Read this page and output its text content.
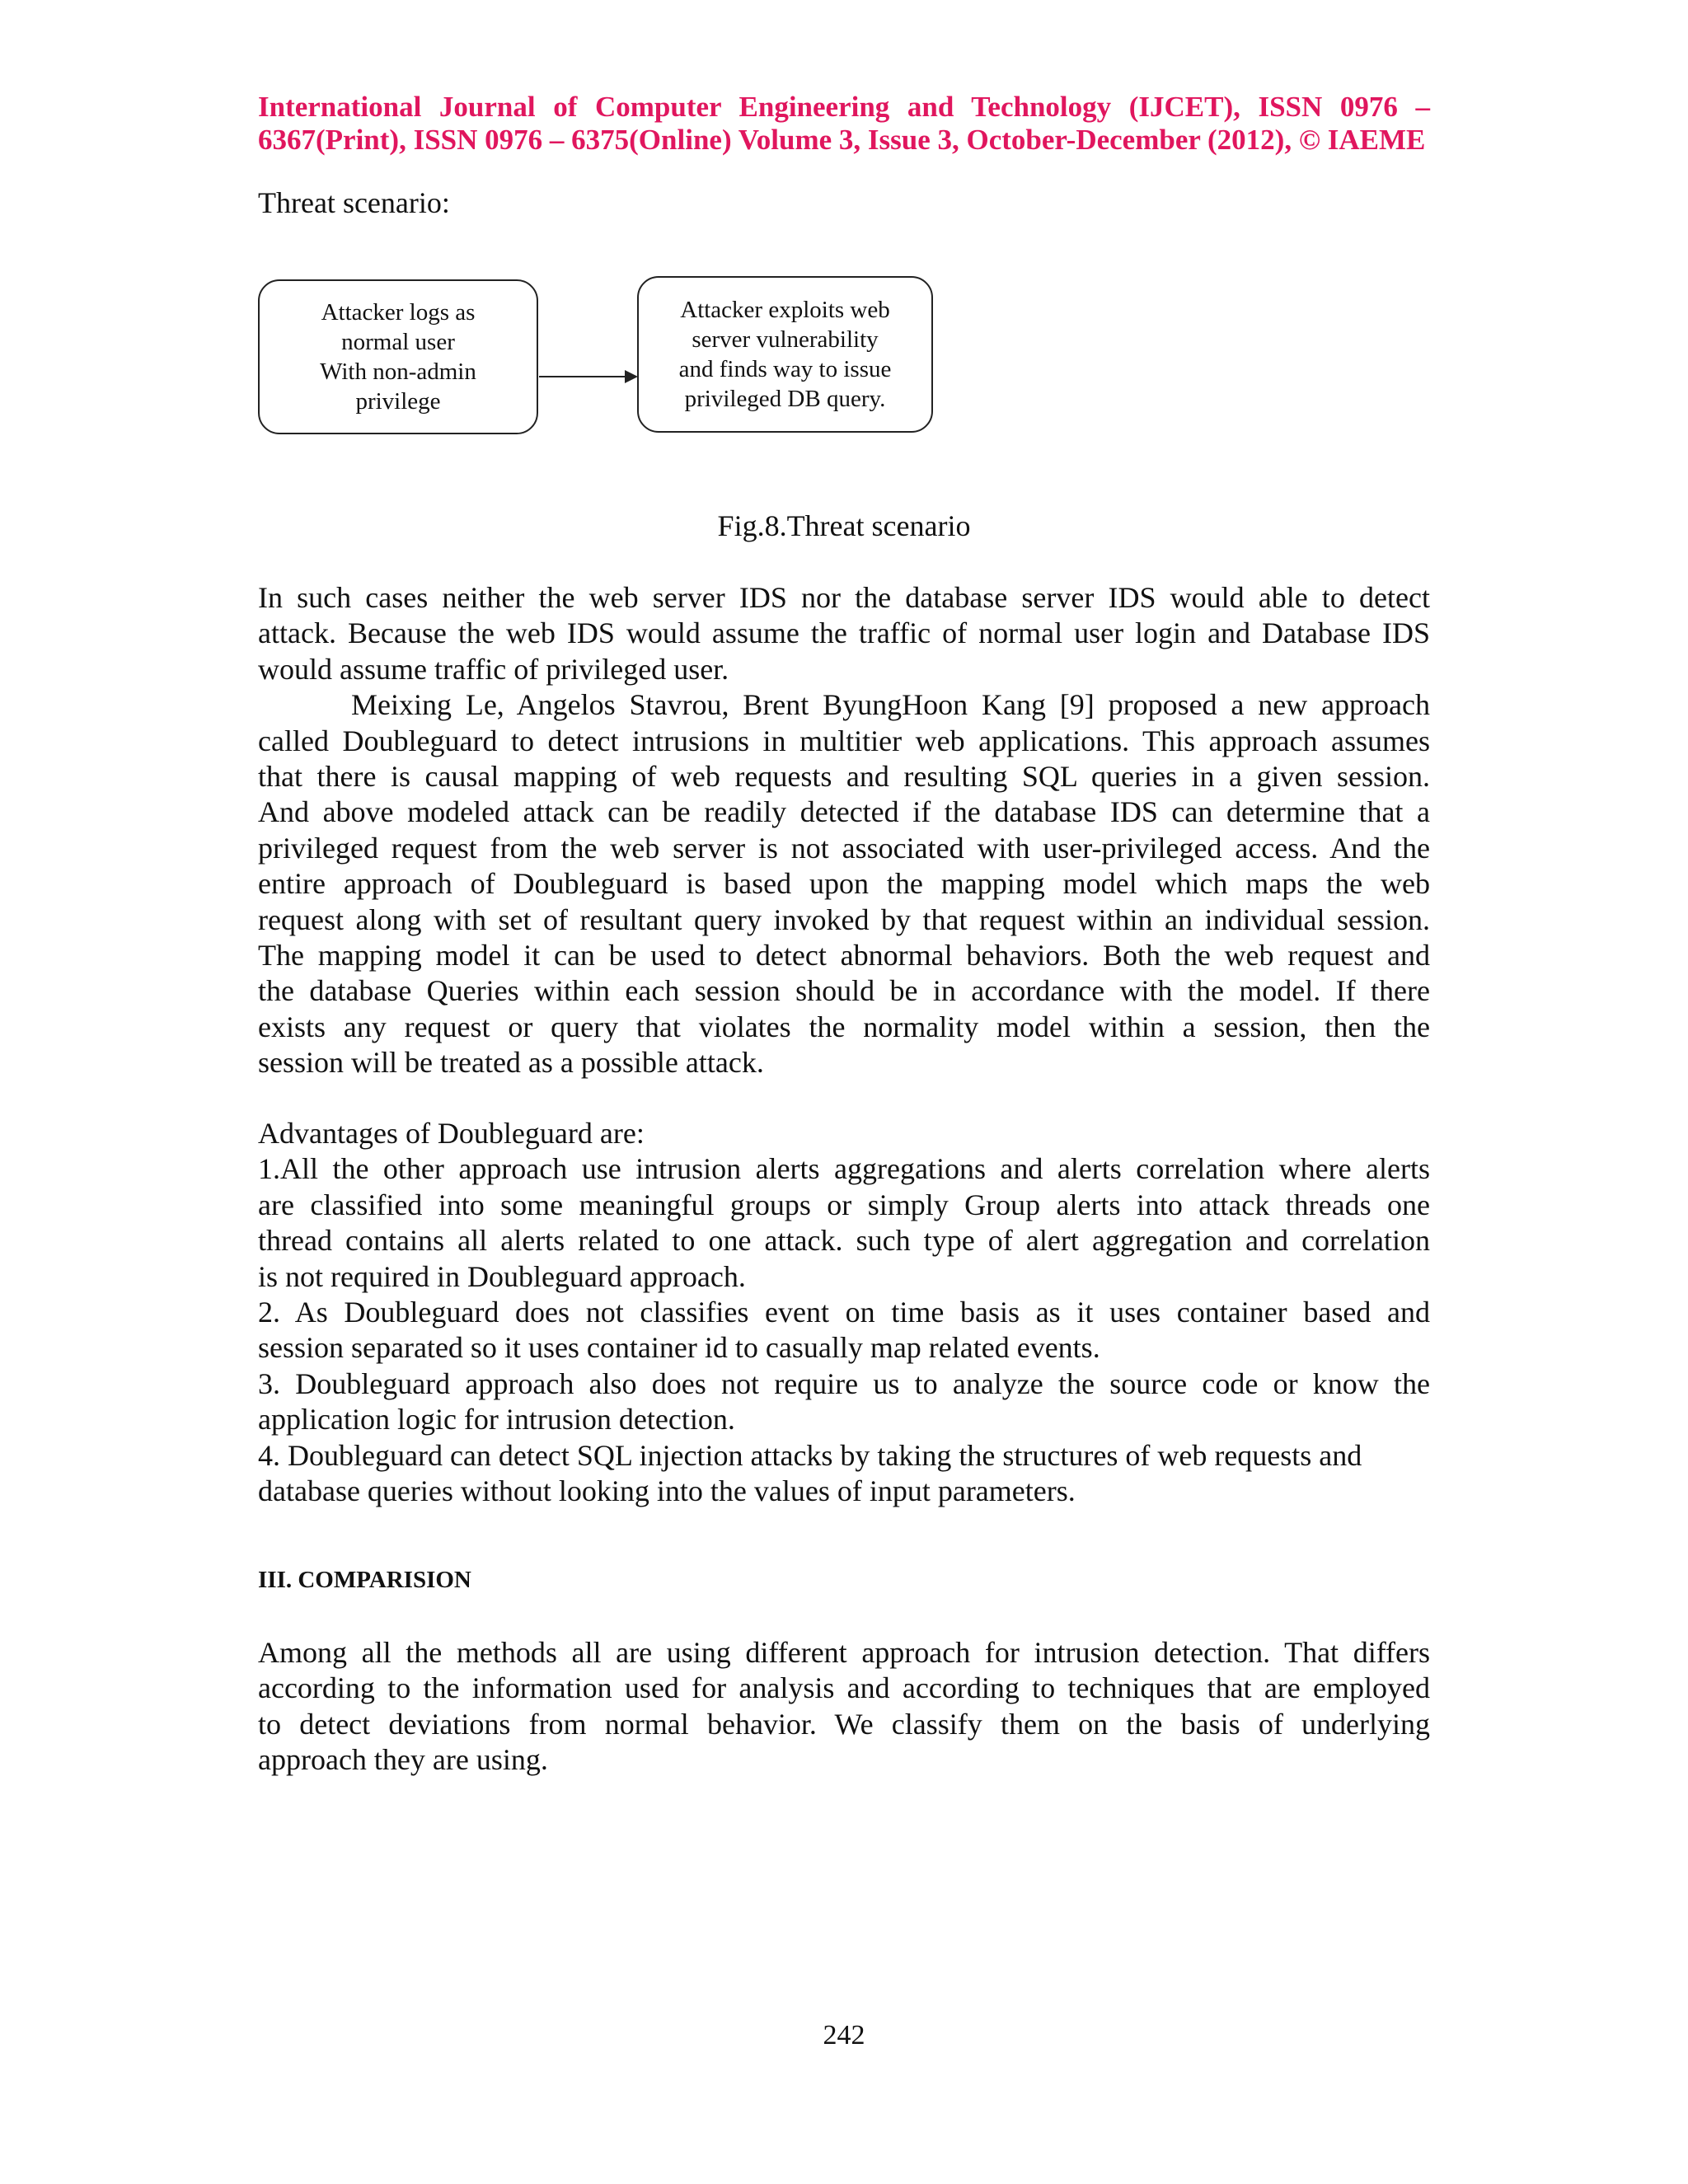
International Journal of Computer Engineering and Technology (IJCET), ISSN 0976 –
6367(Print), ISSN 0976 – 6375(Online) Volume 3, Issue 3, October-December (2012), © IAEME
Threat scenario:
Attacker logs as
normal user
With non-admin
privilege
Attacker exploits web
server vulnerability
and finds way to issue
privileged DB query.
Fig.8.Threat scenario
In such cases neither the web server IDS nor the database server IDS would able to detect
attack. Because the web IDS would assume the traffic of normal user login and Database IDS
would assume traffic of privileged user.
Meixing Le, Angelos Stavrou, Brent ByungHoon Kang [9] proposed a new approach
called Doubleguard to detect intrusions in multitier web applications. This approach assumes
that there is causal mapping of web requests and resulting SQL queries in a given session.
And above modeled attack can be readily detected if the database IDS can determine that a
privileged request from the web server is not associated with user-privileged access. And the
entire approach of Doubleguard is based upon the mapping model which maps the web
request along with set of resultant query invoked by that request within an individual session.
The mapping model it can be used to detect abnormal behaviors. Both the web request and
the database Queries within each session should be in accordance with the model. If there
exists any request or query that violates the normality model within a session, then the
session will be treated as a possible attack.
Advantages of Doubleguard are:
1.All the other approach use intrusion alerts aggregations and alerts correlation where alerts
are classified into some meaningful groups or simply Group alerts into attack threads one
thread contains all alerts related to one attack. such type of alert aggregation and correlation
is not required in Doubleguard approach.
2. As Doubleguard does not classifies event on time basis as it uses container based and
session separated so it uses container id to casually map related events.
3. Doubleguard approach also does not require us to analyze the source code or know the
application logic for intrusion detection.
4. Doubleguard can detect SQL injection attacks by taking the structures of web requests and
database queries without looking into the values of input parameters.
III. COMPARISION
Among all the methods all are using different approach for intrusion detection. That differs
according to the information used for analysis and according to techniques that are employed
to detect deviations from normal behavior. We classify them on the basis of underlying
approach they are using.
242
